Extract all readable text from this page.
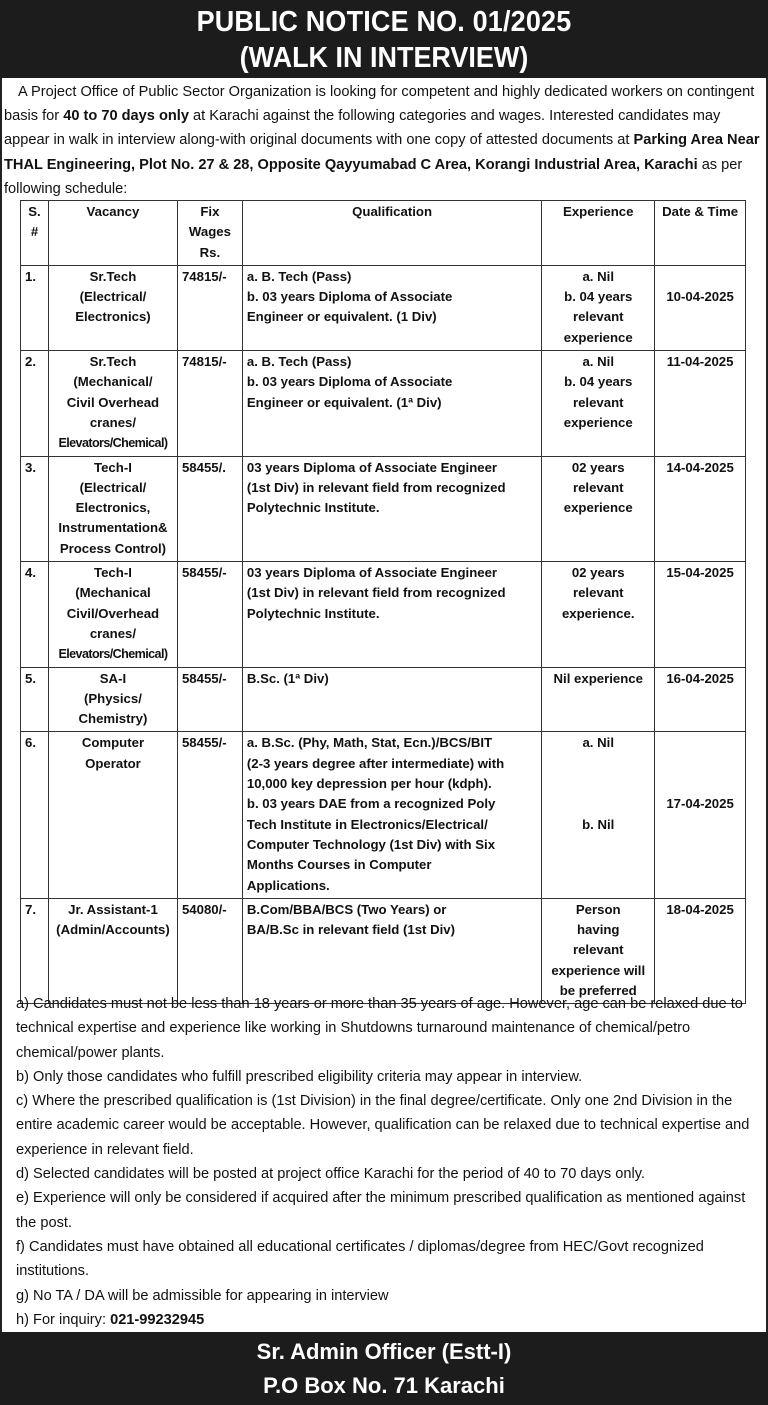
PUBLIC NOTICE NO. 01/2025
(WALK IN INTERVIEW)

A Project Office of Public Sector Organization is looking for competent and highly dedicated workers on contingent basis for 40 to 70 days only at Karachi against the following categories and wages. Interested candidates may appear in walk in interview along-with original documents with one copy of attested documents at Parking Area Near THAL Engineering, Plot No. 27 & 28, Opposite Qayyumabad C Area, Korangi Industrial Area, Karachi as per following schedule:

S. #	Vacancy	Fix Wages Rs.	Qualification	Experience	Date & Time
1.	Sr.Tech
(Electrical/
Electronics)
	74815/-	a. B. Tech (Pass)
b. 03 years Diploma of Associate
Engineer or equivalent. (1 Div)

a. Nil
b. 04 years
relevant
experience
	10-04-2025
2.	Sr.Tech
(Mechanical/
Civil Overhead
cranes/
Elevators/Chemical)
	74815/-	a. B. Tech (Pass)
b. 03 years Diploma of Associate
Engineer or equivalent. (1ª Div)

a. Nil
b. 04 years
relevant
experience
	11-04-2025
3.	Tech-I
(Electrical/
Electronics,
Instrumentation&
Process Control)
	58455/.	03 years Diploma of Associate Engineer
(1st Div) in relevant field from recognized
Polytechnic Institute.

02 years
relevant
experience
	14-04-2025
4.	Tech-I
(Mechanical
Civil/Overhead
cranes/
Elevators/Chemical)
	58455/-	03 years Diploma of Associate Engineer
(1st Div) in relevant field from recognized
Polytechnic Institute.

02 years
relevant
experience.
	15-04-2025
5.	SA-I
(Physics/
Chemistry)	58455/-	B.Sc. (1ª Div)	Nil experience	16-04-2025
6.	Computer
Operator
	58455/-	a. B.Sc. (Phy, Math, Stat, Ecn.)/BCS/BIT
(2-3 years degree after intermediate) with
10,000 key depression per hour (kdph).
b. 03 years DAE from a recognized Poly
Tech Institute in Electronics/Electrical/
Computer Technology (1st Div) with Six
Months Courses in Computer
Applications.

a. Nil

b. Nil
	17-04-2025
7.	Jr. Assistant-1
(Admin/Accounts)
	54080/-	B.Com/BBA/BCS (Two Years) or
BA/B.Sc in relevant field (1st Div)

Person
having
relevant
experience will
be preferred
	18-04-2025
a) Candidates must not be less than 18 years or more than 35 years of age. However, age can be relaxed due to technical expertise and experience like working in Shutdowns turnaround maintenance of chemical/petro chemical/power plants.
b) Only those candidates who fulfill prescribed eligibility criteria may appear in interview.
c) Where the prescribed qualification is (1st Division) in the final degree/certificate. Only one 2nd Division in the entire academic career would be acceptable. However, qualification can be relaxed due to technical expertise and experience in relevant field.
d) Selected candidates will be posted at project office Karachi for the period of 40 to 70 days only.
e) Experience will only be considered if acquired after the minimum prescribed qualification as mentioned against the post.
f) Candidates must have obtained all educational certificates / diplomas/degree from HEC/Govt recognized institutions.
g) No TA / DA will be admissible for appearing in interview
h) For inquiry: 021-99232945
Sr. Admin Officer (Estt-I)
P.O Box No. 71 Karachi
